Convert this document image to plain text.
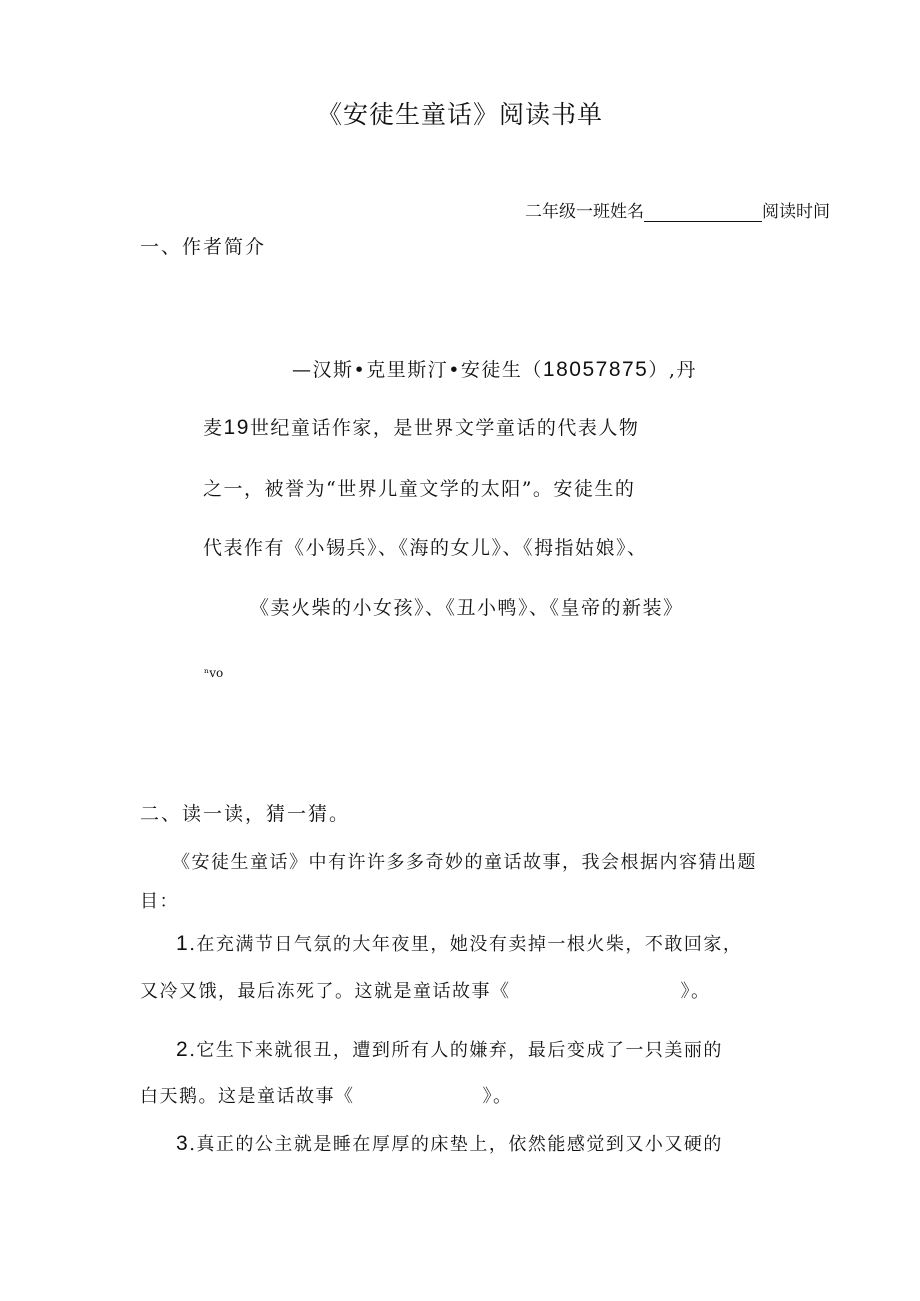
《安徒生童话》阅读书单
二年级一班姓名	阅读时间
一、作者简介
—汉斯•克里斯汀•安徒生（18057875）,丹
麦19世纪童话作家，是世界文学童话的代表人物
之一，被誉为“世界儿童文学的太阳”。安徒生的
代表作有《小锡兵》、《海的女儿》、《拇指姑娘》、
《卖火柴的小女孩》、《丑小鸭》、《皇帝的新装》
ⁿvo
二、读一读，猜一猜。
《安徒生童话》中有许许多多奇妙的童话故事，我会根据内容猜出题
目：
1.在充满节日气氛的大年夜里，她没有卖掉一根火柴，不敢回家，
又冷又饿，最后冻死了。这就是童话故事《	》。
2.它生下来就很丑，遭到所有人的嫌弃，最后变成了一只美丽的
白天鹅。这是童话故事《	》。
3.真正的公主就是睡在厚厚的床垫上，依然能感觉到又小又硬的
